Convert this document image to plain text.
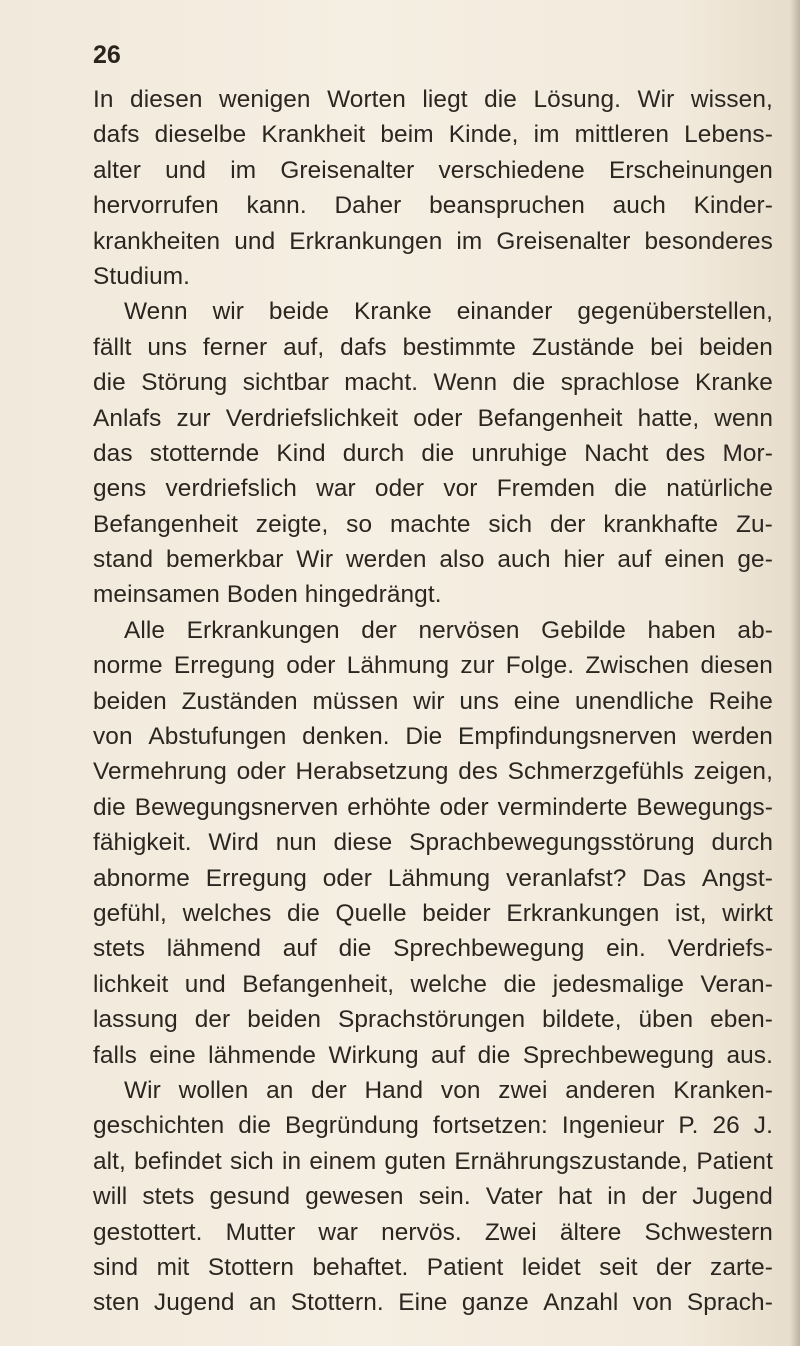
26
In diesen wenigen Worten liegt die Lösung. Wir wissen,
dafs dieselbe Krankheit beim Kinde, im mittleren Lebens-
alter und im Greisenalter verschiedene Erscheinungen
hervorrufen kann. Daher beanspruchen auch Kinder-
krankheiten und Erkrankungen im Greisenalter besonderes
Studium.
Wenn wir beide Kranke einander gegenüberstellen,
fällt uns ferner auf, dafs bestimmte Zustände bei beiden
die Störung sichtbar macht. Wenn die sprachlose Kranke
Anlafs zur Verdriefslichkeit oder Befangenheit hatte, wenn
das stotternde Kind durch die unruhige Nacht des Mor-
gens verdriefslich war oder vor Fremden die natürliche
Befangenheit zeigte, so machte sich der krankhafte Zu-
stand bemerkbar Wir werden also auch hier auf einen ge-
meinsamen Boden hingedrängt.
Alle Erkrankungen der nervösen Gebilde haben ab-
norme Erregung oder Lähmung zur Folge. Zwischen diesen
beiden Zuständen müssen wir uns eine unendliche Reihe
von Abstufungen denken. Die Empfindungsnerven werden
Vermehrung oder Herabsetzung des Schmerzgefühls zeigen,
die Bewegungsnerven erhöhte oder verminderte Bewegungs-
fähigkeit. Wird nun diese Sprachbewegungsstörung durch
abnorme Erregung oder Lähmung veranlafst? Das Angst-
gefühl, welches die Quelle beider Erkrankungen ist, wirkt
stets lähmend auf die Sprechbewegung ein. Verdriefs-
lichkeit und Befangenheit, welche die jedesmalige Veran-
lassung der beiden Sprachstörungen bildete, üben eben-
falls eine lähmende Wirkung auf die Sprechbewegung aus.
Wir wollen an der Hand von zwei anderen Kranken-
geschichten die Begründung fortsetzen: Ingenieur P. 26 J.
alt, befindet sich in einem guten Ernährungszustande, Patient
will stets gesund gewesen sein. Vater hat in der Jugend
gestottert. Mutter war nervös. Zwei ältere Schwestern
sind mit Stottern behaftet. Patient leidet seit der zarte-
sten Jugend an Stottern. Eine ganze Anzahl von Sprach-
